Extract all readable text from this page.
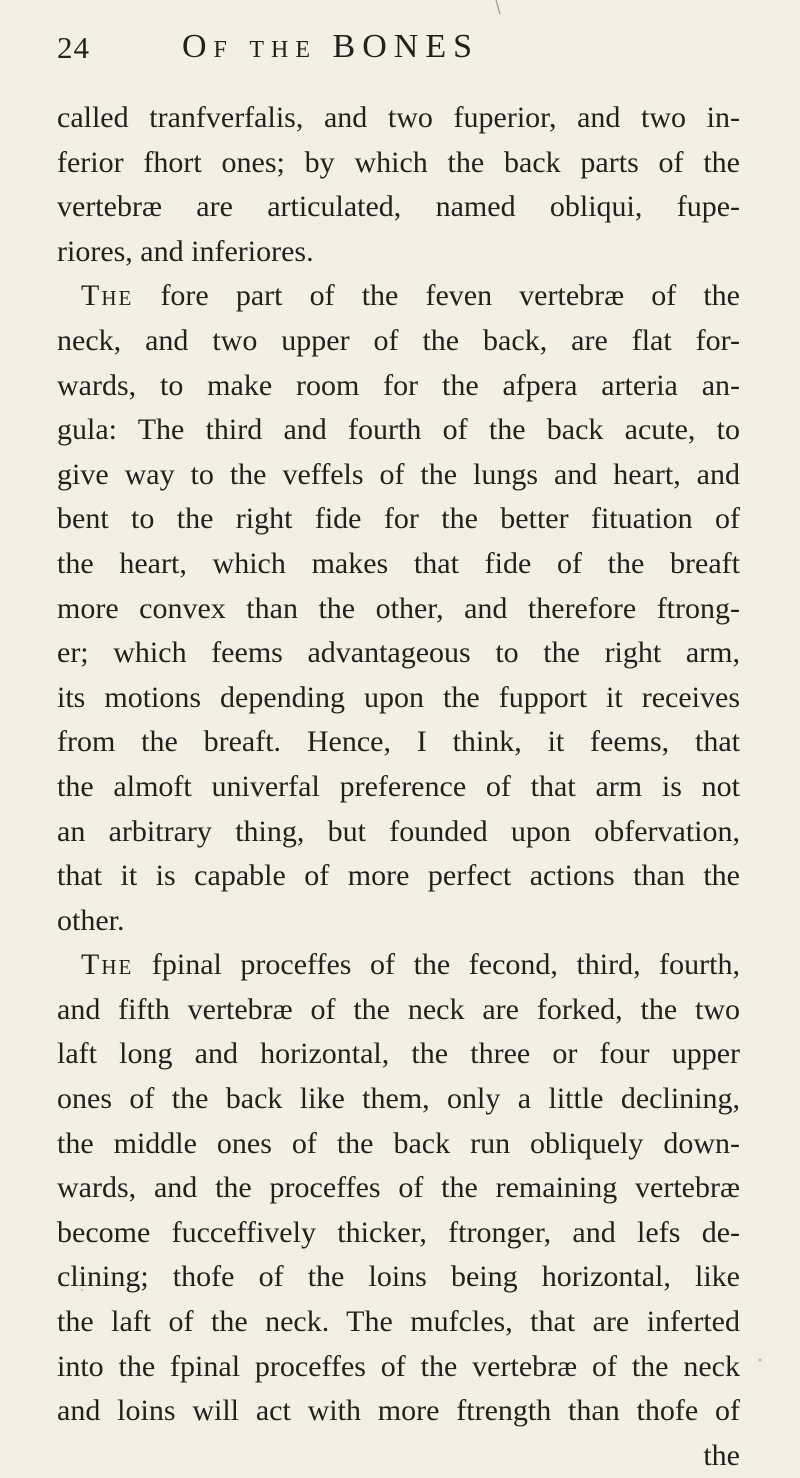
24	Of the BONES
called tranfverfalis, and two fuperior, and two in-
ferior fhort ones; by which the back parts of the
vertebræ are articulated, named obliqui, fupe-
riores, and inferiores.
The fore part of the feven vertebræ of the
neck, and two upper of the back, are flat for-
wards, to make room for the afpera arteria an-
gula: The third and fourth of the back acute, to
give way to the veffels of the lungs and heart, and
bent to the right fide for the better fituation of
the heart, which makes that fide of the breaft
more convex than the other, and therefore ftrong-
er; which feems advantageous to the right arm,
its motions depending upon the fupport it receives
from the breaft. Hence, I think, it feems, that
the almoft univerfal preference of that arm is not
an arbitrary thing, but founded upon obfervation,
that it is capable of more perfect actions than the
other.
The fpinal proceffes of the fecond, third, fourth,
and fifth vertebræ of the neck are forked, the two
laft long and horizontal, the three or four upper
ones of the back like them, only a little declining,
the middle ones of the back run obliquely down-
wards, and the proceffes of the remaining vertebræ
become fucceffively thicker, ftronger, and lefs de-
clining; thofe of the loins being horizontal, like
the laft of the neck. The mufcles, that are inferted
into the fpinal proceffes of the vertebræ of the neck
and loins will act with more ftrength than thofe of
the
